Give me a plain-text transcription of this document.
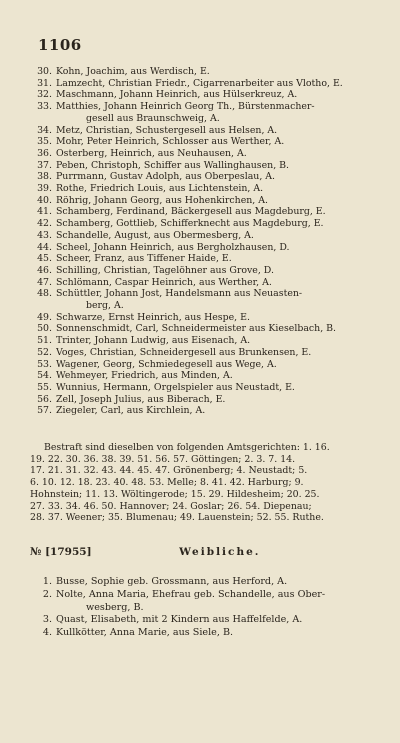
1106
30. Kohn, Joachim, aus Werdisch, E.
31. Lamzecht, Christian Friedr., Cigarrenarbeiter aus Vlotho, E.
32. Maschmann, Johann Heinrich, aus Hülserkreuz, A.
33. Matthies, Johann Heinrich Georg Th., Bürstenmacher-
gesell aus Braunschweig, A.
34. Metz, Christian, Schustergesell aus Helsen, A.
35. Mohr, Peter Heinrich, Schlosser aus Werther, A.
36. Osterberg, Heinrich, aus Neuhausen, A.
37. Peben, Christoph, Schiffer aus Wallinghausen, B.
38. Purrmann, Gustav Adolph, aus Oberpeslau, A.
39. Rothe, Friedrich Louis, aus Lichtenstein, A.
40. Röhrig, Johann Georg, aus Hohenkirchen, A.
41. Schamberg, Ferdinand, Bäckergesell aus Magdeburg, E.
42. Schamberg, Gottlieb, Schifferknecht aus Magdeburg, E.
43. Schandelle, August, aus Obermesberg, A.
44. Scheel, Johann Heinrich, aus Bergholzhausen, D.
45. Scheer, Franz, aus Tiffener Haide, E.
46. Schilling, Christian, Tagelöhner aus Grove, D.
47. Schlömann, Caspar Heinrich, aus Werther, A.
48. Schüttler, Johann Jost, Handelsmann aus Neuasten-
berg, A.
49. Schwarze, Ernst Heinrich, aus Hespe, E.
50. Sonnenschmidt, Carl, Schneidermeister aus Kieselbach, B.
51. Trinter, Johann Ludwig, aus Eisenach, A.
52. Voges, Christian, Schneidergesell aus Brunkensen, E.
53. Wagener, Georg, Schmiedegesell aus Wege, A.
54. Wehmeyer, Friedrich, aus Minden, A.
55. Wunnius, Hermann, Orgelspieler aus Neustadt, E.
56. Zell, Joseph Julius, aus Biberach, E.
57. Ziegeler, Carl, aus Kirchlein, A.
Bestraft sind dieselben von folgenden Amtsgerichten: 1. 16.
19. 22. 30. 36. 38. 39. 51. 56. 57. Göttingen; 2. 3. 7. 14.
17. 21. 31. 32. 43. 44. 45. 47. Grönenberg; 4. Neustadt; 5.
6. 10. 12. 18. 23. 40. 48. 53. Melle; 8. 41. 42. Harburg; 9.
Hohnstein; 11. 13. Wöltingerode; 15. 29. Hildesheim; 20. 25.
27. 33. 34. 46. 50. Hannover; 24. Goslar; 26. 54. Diepenau;
28. 37. Weener; 35. Blumenau; 49. Lauenstein; 52. 55. Ruthe.
№ [17955]	Weibliche.
1. Busse, Sophie geb. Grossmann, aus Herford, A.
2. Nolte, Anna Maria, Ehefrau geb. Schandelle, aus Ober-
wesberg, B.
3. Quast, Elisabeth, mit 2 Kindern aus Haffelfelde, A.
4. Kullkötter, Anna Marie, aus Siele, B.
